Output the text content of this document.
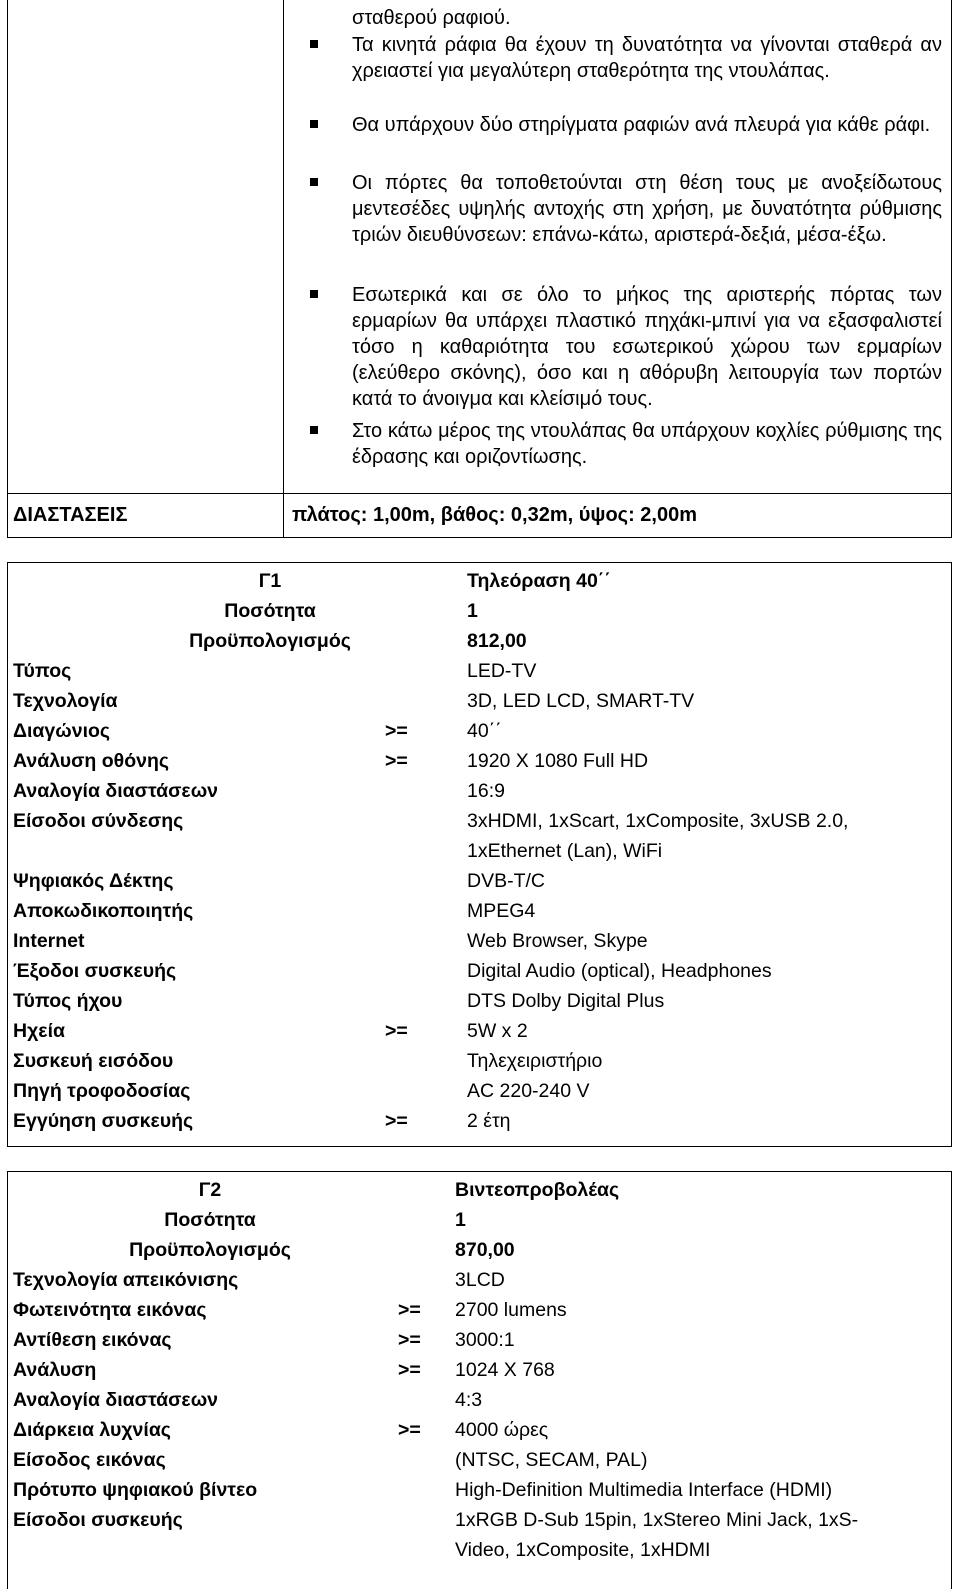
σταθερού ραφιού.
Τα κινητά ράφια θα έχουν τη δυνατότητα να γίνονται σταθερά αν χρειαστεί για μεγαλύτερη σταθερότητα της ντουλάπας.
Θα υπάρχουν δύο στηρίγματα ραφιών ανά πλευρά για κάθε ράφι.
Οι πόρτες θα τοποθετούνται στη θέση τους με ανοξείδωτους μεντεσέδες υψηλής αντοχής στη χρήση, με δυνατότητα ρύθμισης τριών διευθύνσεων: επάνω-κάτω, αριστερά-δεξιά, μέσα-έξω.
Εσωτερικά και σε όλο το μήκος της αριστερής πόρτας των ερμαρίων θα υπάρχει πλαστικό πηχάκι-μπινί για να εξασφαλιστεί τόσο η καθαριότητα του εσωτερικού χώρου των ερμαρίων (ελεύθερο σκόνης), όσο και η αθόρυβη λειτουργία των πορτών κατά το άνοιγμα και κλείσιμό τους.
Στο κάτω μέρος της ντουλάπας θα υπάρχουν κοχλίες ρύθμισης της έδρασης και οριζοντίωσης.
ΔΙΑΣΤΑΣΕΙΣ	πλάτος: 1,00m, βάθος: 0,32m, ύψος: 2,00m
Γ1	Τηλεόραση 40΄΄
Ποσότητα	1
Προϋπολογισμός	812,00
Τύπος	LED-TV
Τεχνολογία	3D, LED LCD, SMART-TV
Διαγώνιος	>=	40΄΄
Ανάλυση οθόνης	>=	1920 X 1080 Full HD
Αναλογία διαστάσεων	16:9
Είσοδοι σύνδεσης	3xHDMI, 1xScart, 1xComposite, 3xUSB 2.0,
1xEthernet (Lan), WiFi
Ψηφιακός Δέκτης	DVB-T/C
Αποκωδικοποιητής	MPEG4
Internet	Web Browser, Skype
Έξοδοι συσκευής	Digital Audio (optical), Headphones
Τύπος ήχου	DTS Dolby Digital Plus
Ηχεία	>=	5W x 2
Συσκευή εισόδου	Τηλεχειριστήριο
Πηγή τροφοδοσίας	AC 220-240 V
Εγγύηση συσκευής	>=	2 έτη
Γ2	Βιντεοπροβολέας
Ποσότητα	1
Προϋπολογισμός	870,00
Τεχνολογία απεικόνισης	3LCD
Φωτεινότητα εικόνας	>= 2700 lumens
Αντίθεση εικόνας	>= 3000:1
Ανάλυση	>= 1024 X 768
Αναλογία διαστάσεων	4:3
Διάρκεια λυχνίας	>= 4000 ώρες
Είσοδος εικόνας	(NTSC, SECAM, PAL)
Πρότυπο ψηφιακού βίντεο	High-Definition Multimedia Interface (HDMI)
Είσοδοι συσκευής	1xRGB D-Sub 15pin, 1xStereo Mini Jack, 1xS-
Video, 1xComposite, 1xHDMI
